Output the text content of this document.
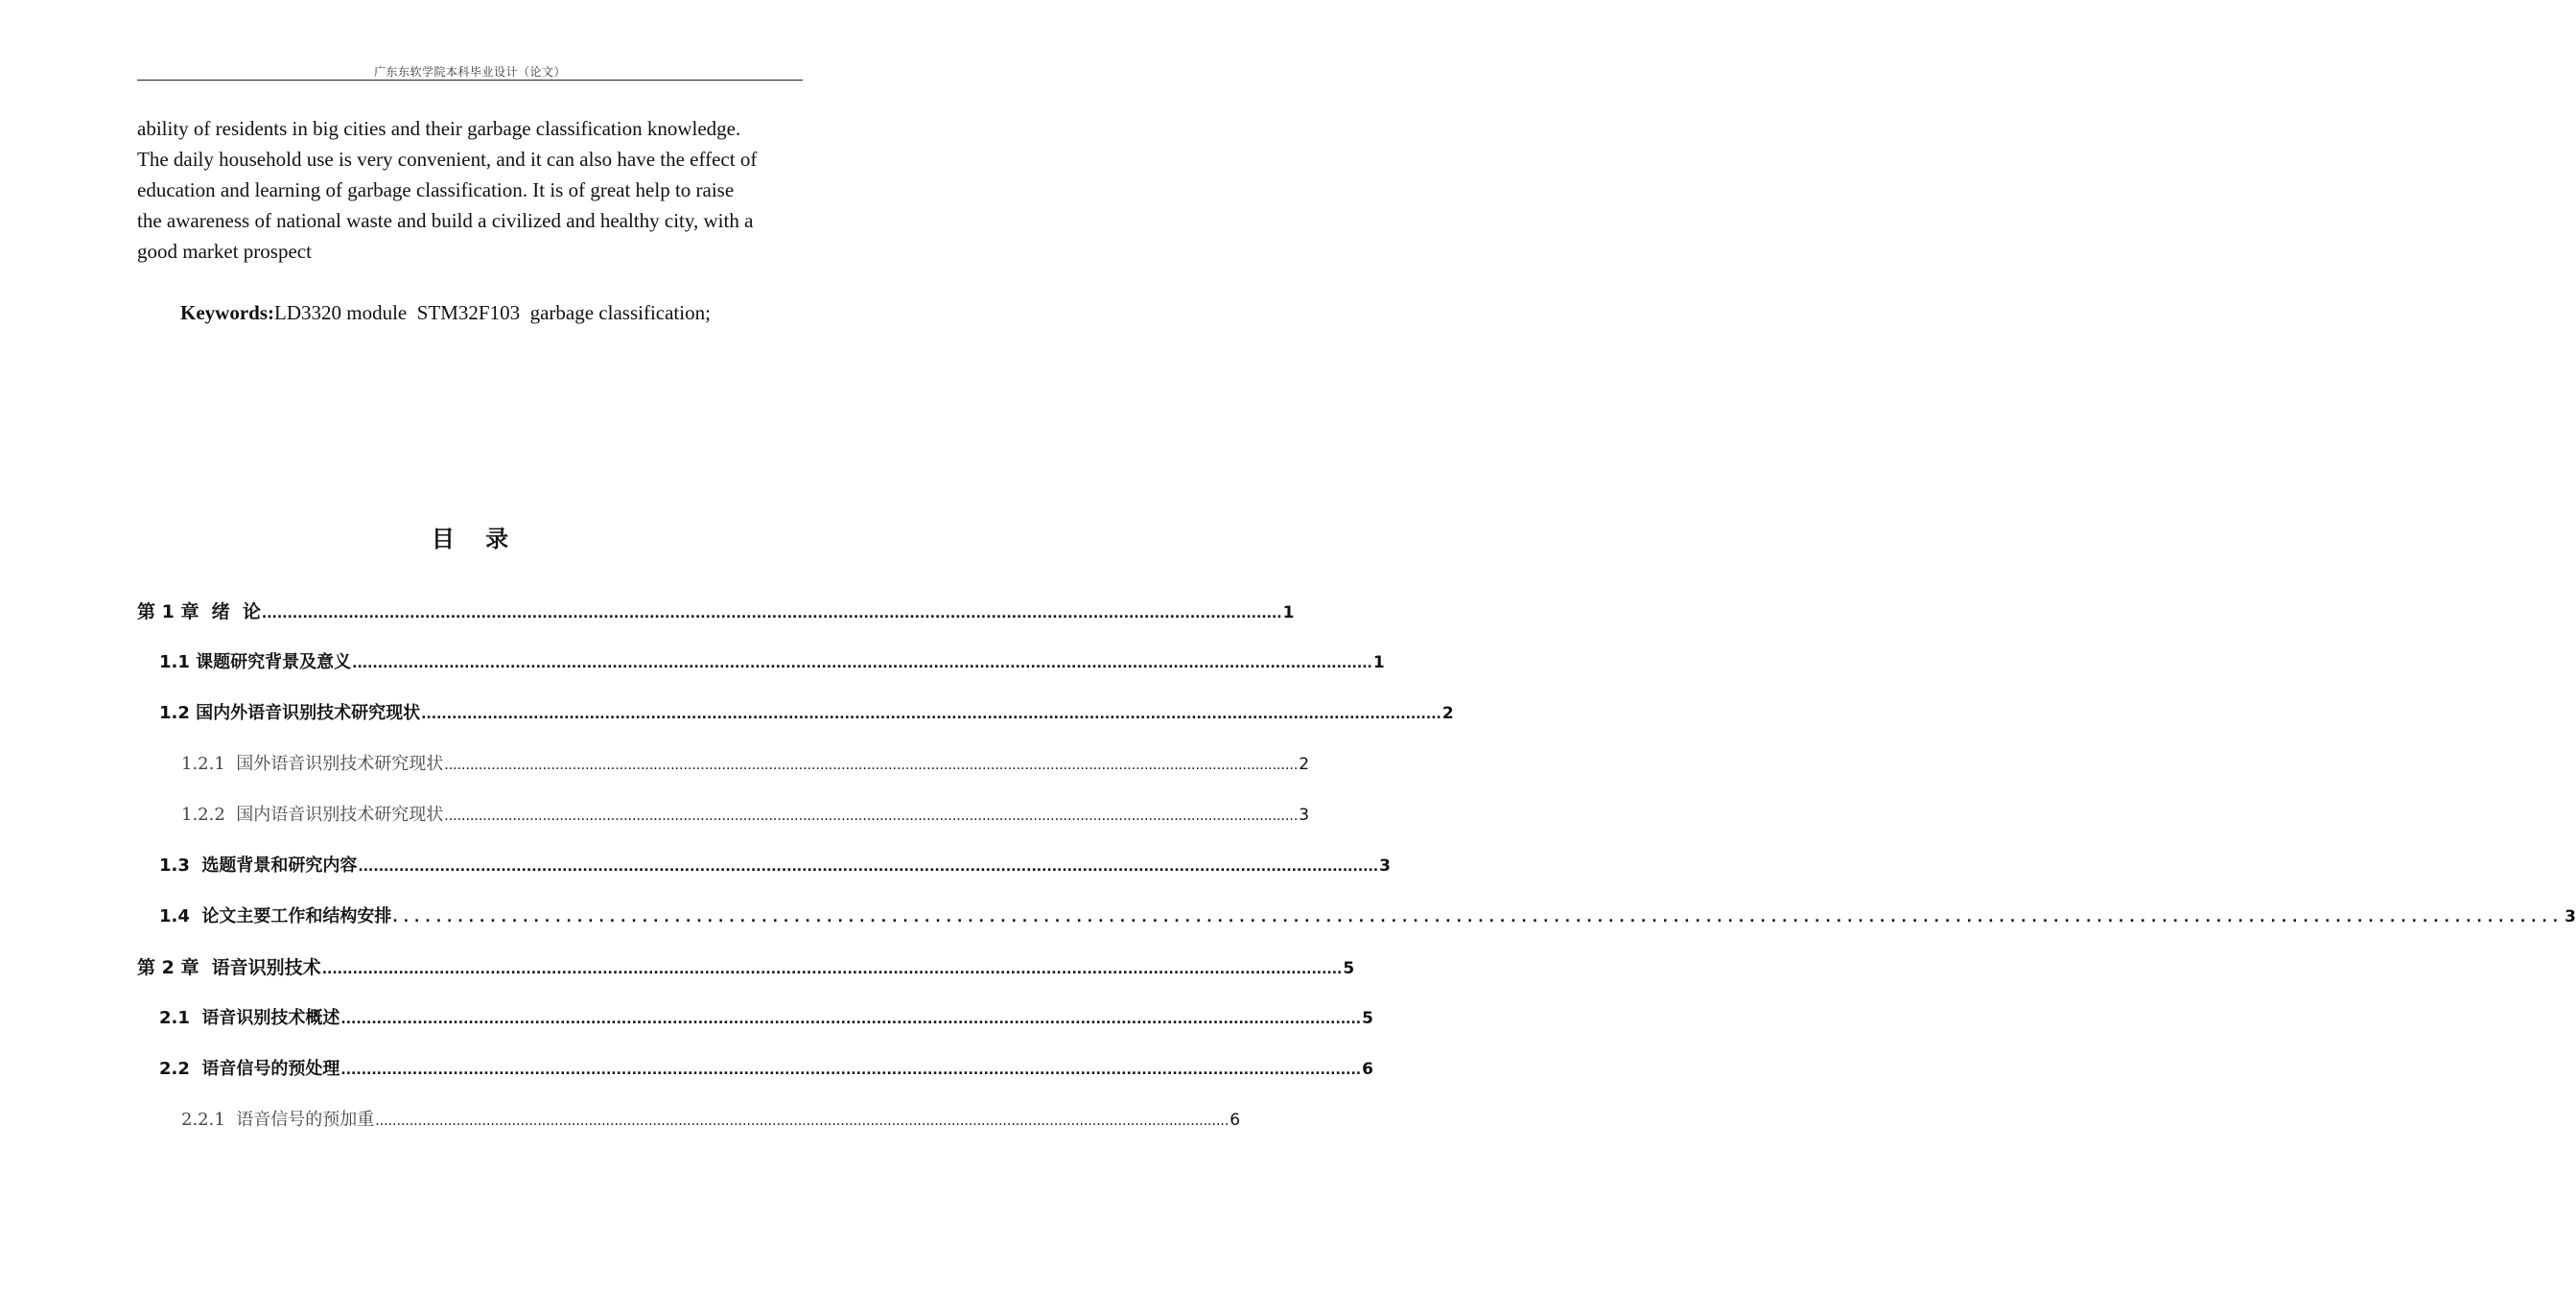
广东东软学院本科毕业设计（论文）
ability of residents in big cities and their garbage classification knowledge.
The daily household use is very convenient, and it can also have the effect of
education and learning of garbage classification. It is of great help to raise
the awareness of national waste and build a civilized and healthy city, with a
good market prospect
Keywords:LD3320 module  STM32F103  garbage classification;
目 录
第 1 章  绪  论 ........................................................................................................................................................................................................ 1
1.1 课题研究背景及意义 ........................................................................................................................................................................................................ 1
1.2 国内外语音识别技术研究现状 ........................................................................................................................................................................................................ 2
1.2.1  国外语音识别技术研究现状 ........................................................................................................................................................................................................ 2
1.2.2  国内语音识别技术研究现状 ........................................................................................................................................................................................................ 3
1.3  选题背景和研究内容 ........................................................................................................................................................................................................ 3
1.4  论文主要工作和结构安排 ........................................................................................................................................................................................................ 3
第 2 章  语音识别技术 ........................................................................................................................................................................................................ 5
2.1  语音识别技术概述 ........................................................................................................................................................................................................ 5
2.2  语音信号的预处理 ........................................................................................................................................................................................................ 6
2.2.1  语音信号的预加重 ........................................................................................................................................................................................................ 6
